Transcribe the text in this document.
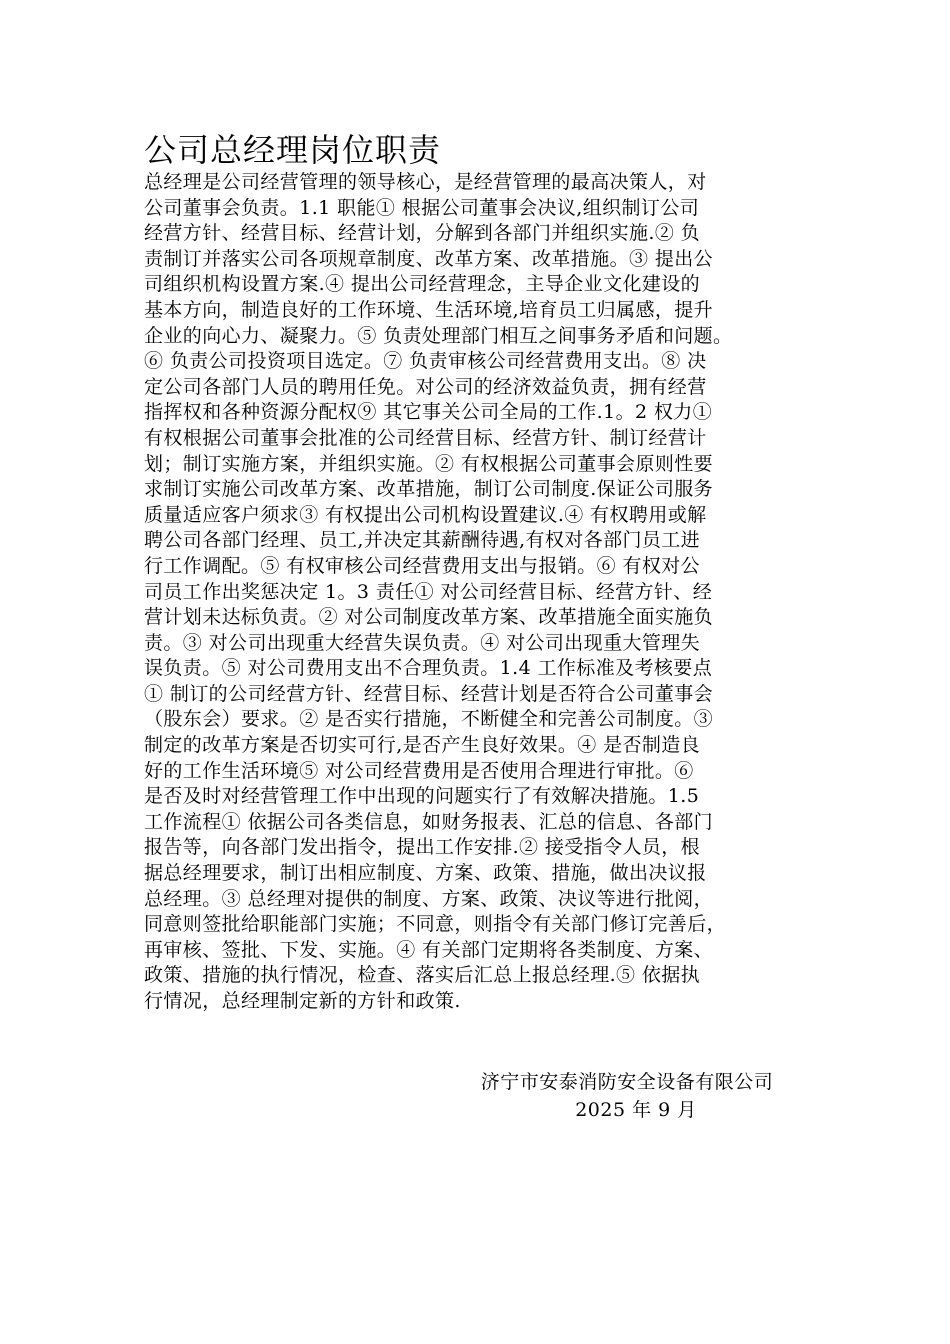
公司总经理岗位职责
总经理是公司经营管理的领导核心，是经营管理的最高决策人，对
公司董事会负责。1.1 职能① 根据公司董事会决议,组织制订公司
经营方针、经营目标、经营计划，分解到各部门并组织实施.② 负
责制订并落实公司各项规章制度、改革方案、改革措施。③ 提出公
司组织机构设置方案.④ 提出公司经营理念，主导企业文化建设的
基本方向，制造良好的工作环境、生活环境,培育员工归属感，提升
企业的向心力、凝聚力。⑤ 负责处理部门相互之间事务矛盾和问题。
⑥ 负责公司投资项目选定。⑦ 负责审核公司经营费用支出。⑧ 决
定公司各部门人员的聘用任免。对公司的经济效益负责，拥有经营
指挥权和各种资源分配权⑨ 其它事关公司全局的工作.1。2 权力①
有权根据公司董事会批准的公司经营目标、经营方针、制订经营计
划；制订实施方案，并组织实施。② 有权根据公司董事会原则性要
求制订实施公司改革方案、改革措施，制订公司制度.保证公司服务
质量适应客户须求③ 有权提出公司机构设置建议.④ 有权聘用或解
聘公司各部门经理、员工,并决定其薪酬待遇,有权对各部门员工进
行工作调配。⑤ 有权审核公司经营费用支出与报销。⑥ 有权对公
司员工作出奖惩决定 1。3 责任① 对公司经营目标、经营方针、经
营计划未达标负责。② 对公司制度改革方案、改革措施全面实施负
责。③ 对公司出现重大经营失误负责。④ 对公司出现重大管理失
误负责。⑤ 对公司费用支出不合理负责。1.4 工作标准及考核要点
① 制订的公司经营方针、经营目标、经营计划是否符合公司董事会
（股东会）要求。② 是否实行措施，不断健全和完善公司制度。③
制定的改革方案是否切实可行,是否产生良好效果。④ 是否制造良
好的工作生活环境⑤ 对公司经营费用是否使用合理进行审批。⑥
是否及时对经营管理工作中出现的问题实行了有效解决措施。1.5
工作流程① 依据公司各类信息，如财务报表、汇总的信息、各部门
报告等，向各部门发出指令，提出工作安排.② 接受指令人员，根
据总经理要求，制订出相应制度、方案、政策、措施，做出决议报
总经理。③ 总经理对提供的制度、方案、政策、决议等进行批阅，
同意则签批给职能部门实施；不同意，则指令有关部门修订完善后，
再审核、签批、下发、实施。④ 有关部门定期将各类制度、方案、
政策、措施的执行情况，检查、落实后汇总上报总经理.⑤ 依据执
行情况，总经理制定新的方针和政策.
济宁市安泰消防安全设备有限公司
2025 年 9 月
